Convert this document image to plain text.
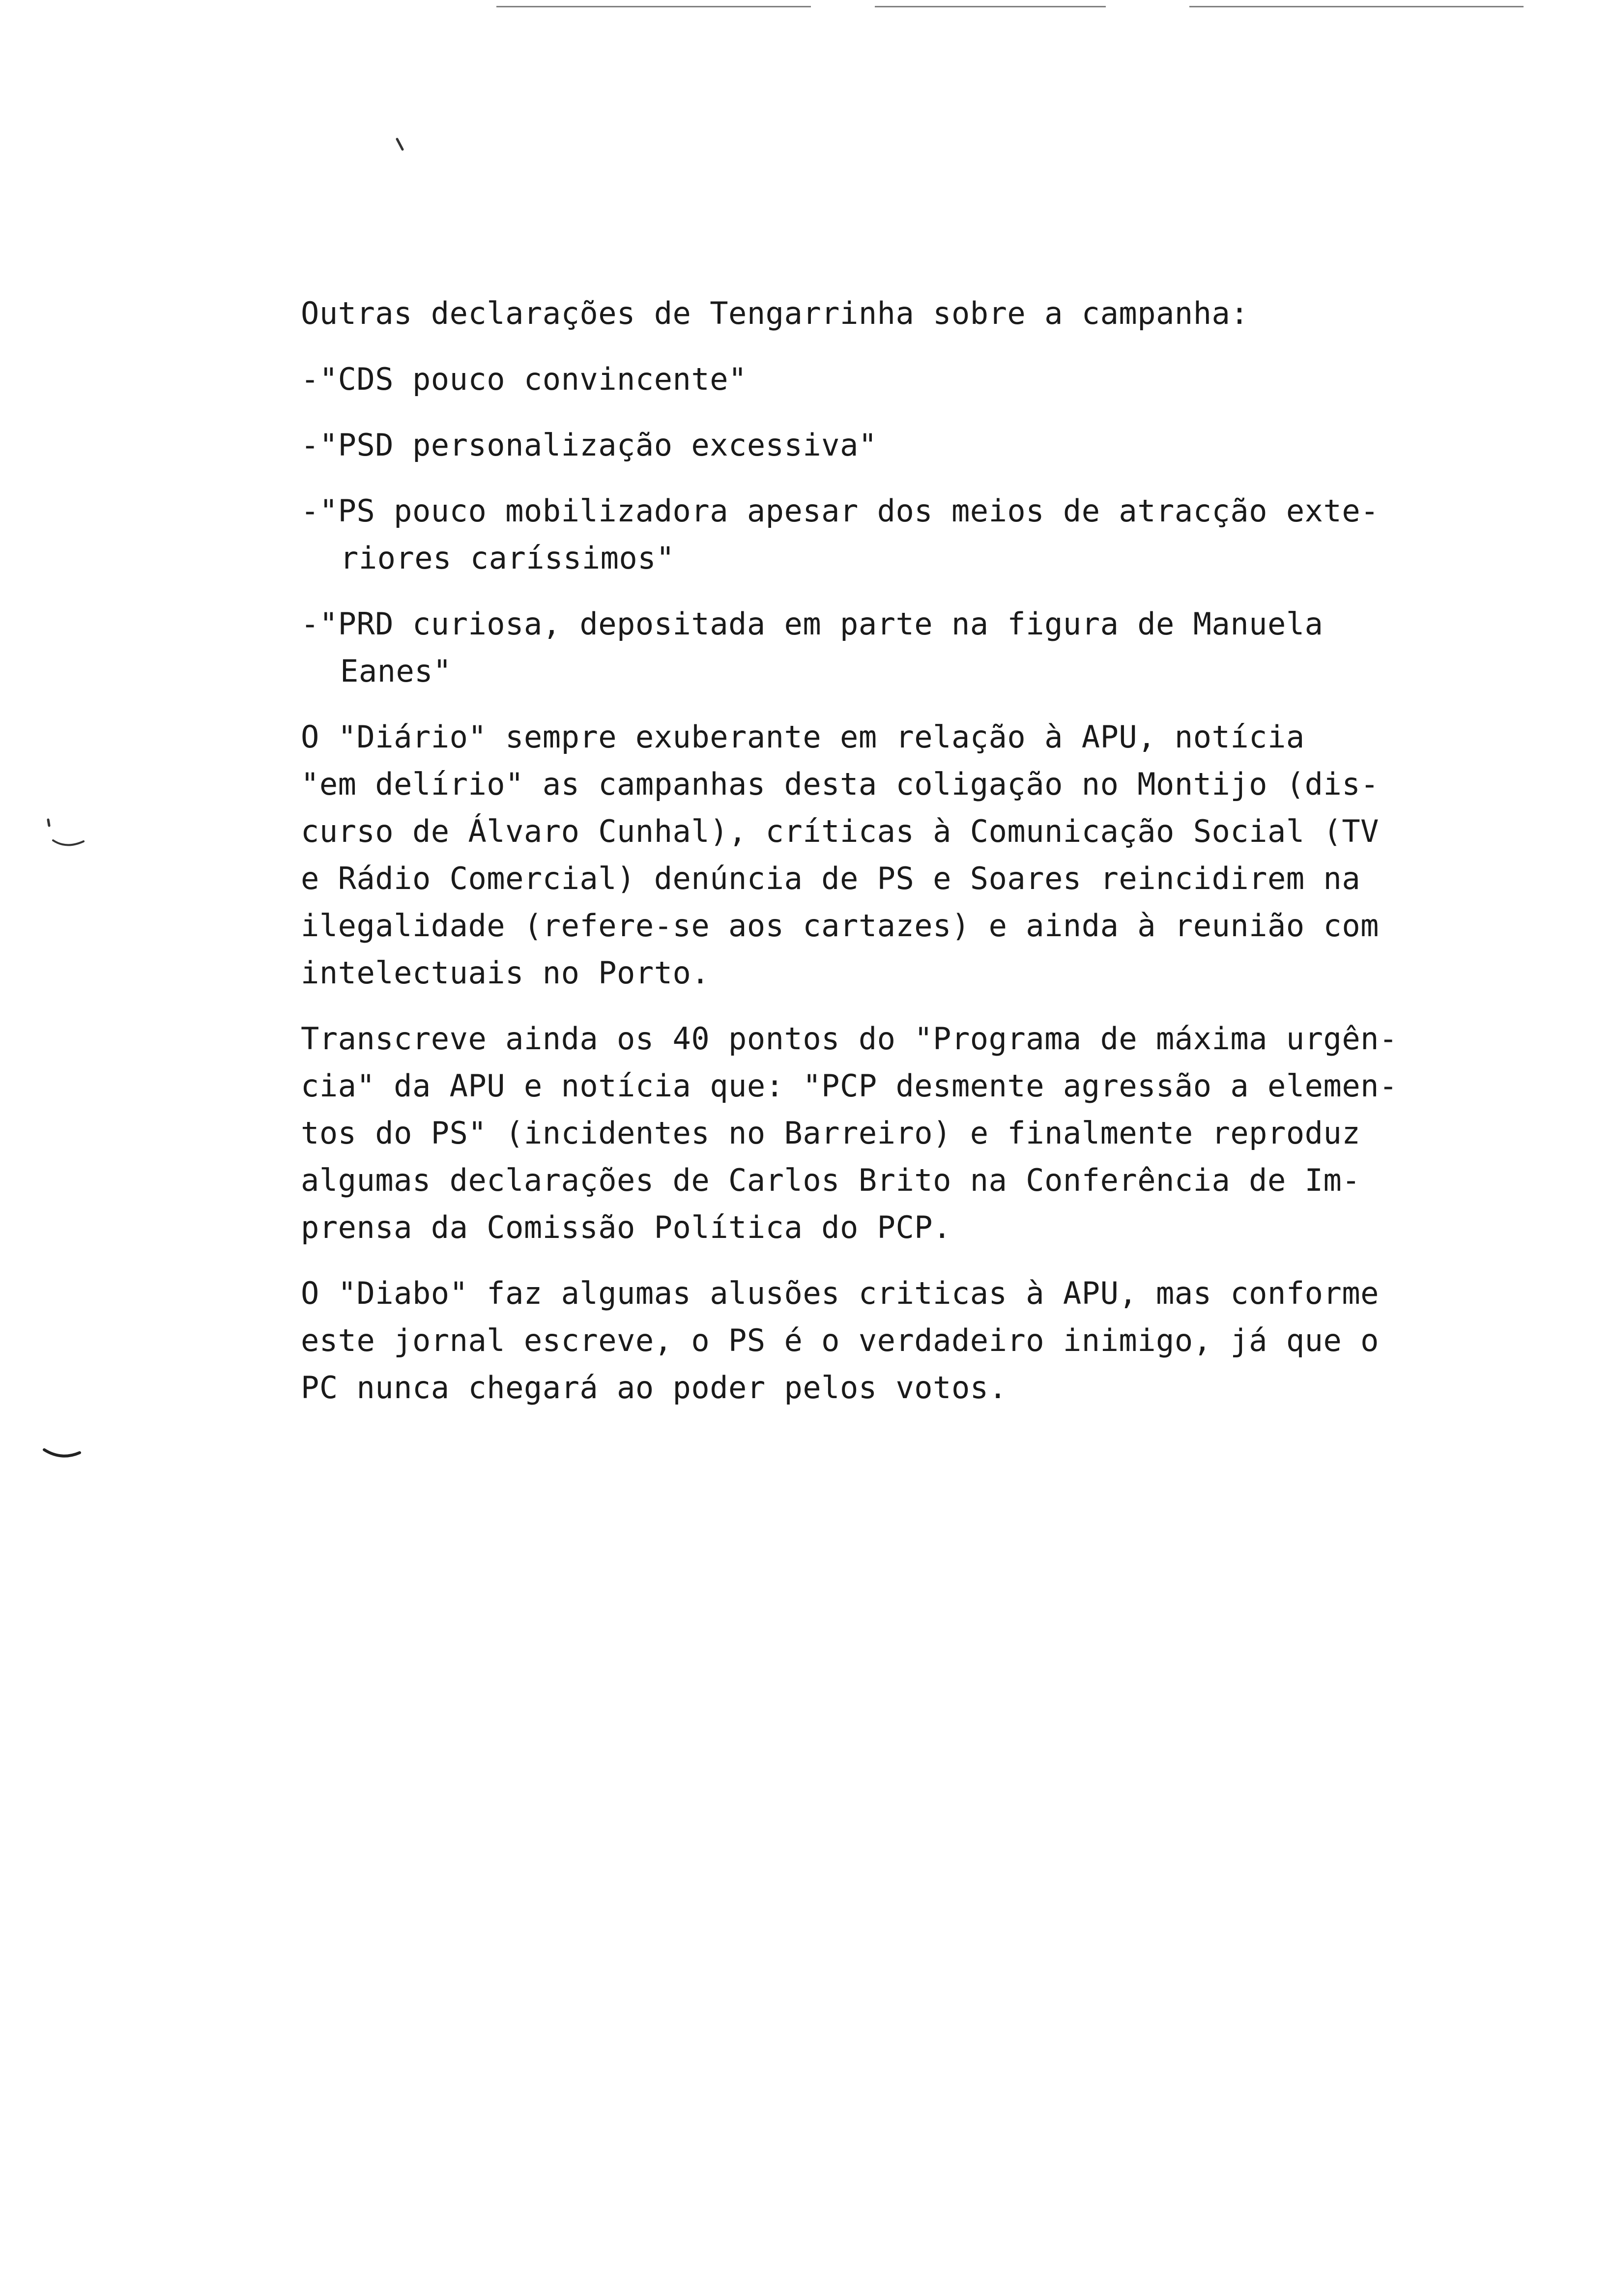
Outras declarações de Tengarrinha sobre a campanha:
-"CDS pouco convincente"
-"PSD personalização excessiva"
-"PS pouco mobilizadora apesar dos meios de atracção exte-
riores caríssimos"
-"PRD curiosa, depositada em parte na figura de Manuela
Eanes"
O "Diário" sempre exuberante em relação à APU, notícia
"em delírio" as campanhas desta coligação no Montijo (dis-
curso de Álvaro Cunhal), críticas à Comunicação Social (TV
e Rádio Comercial) denúncia de PS e Soares reincidirem na
ilegalidade (refere-se aos cartazes) e ainda à reunião com
intelectuais no Porto.
Transcreve ainda os 40 pontos do "Programa de máxima urgên-
cia" da APU e notícia que: "PCP desmente agressão a elemen-
tos do PS" (incidentes no Barreiro) e finalmente reproduz
algumas declarações de Carlos Brito na Conferência de Im-
prensa da Comissão Política do PCP.
O "Diabo" faz algumas alusões criticas à APU, mas conforme
este jornal escreve, o PS é o verdadeiro inimigo, já que o
PC nunca chegará ao poder pelos votos.
